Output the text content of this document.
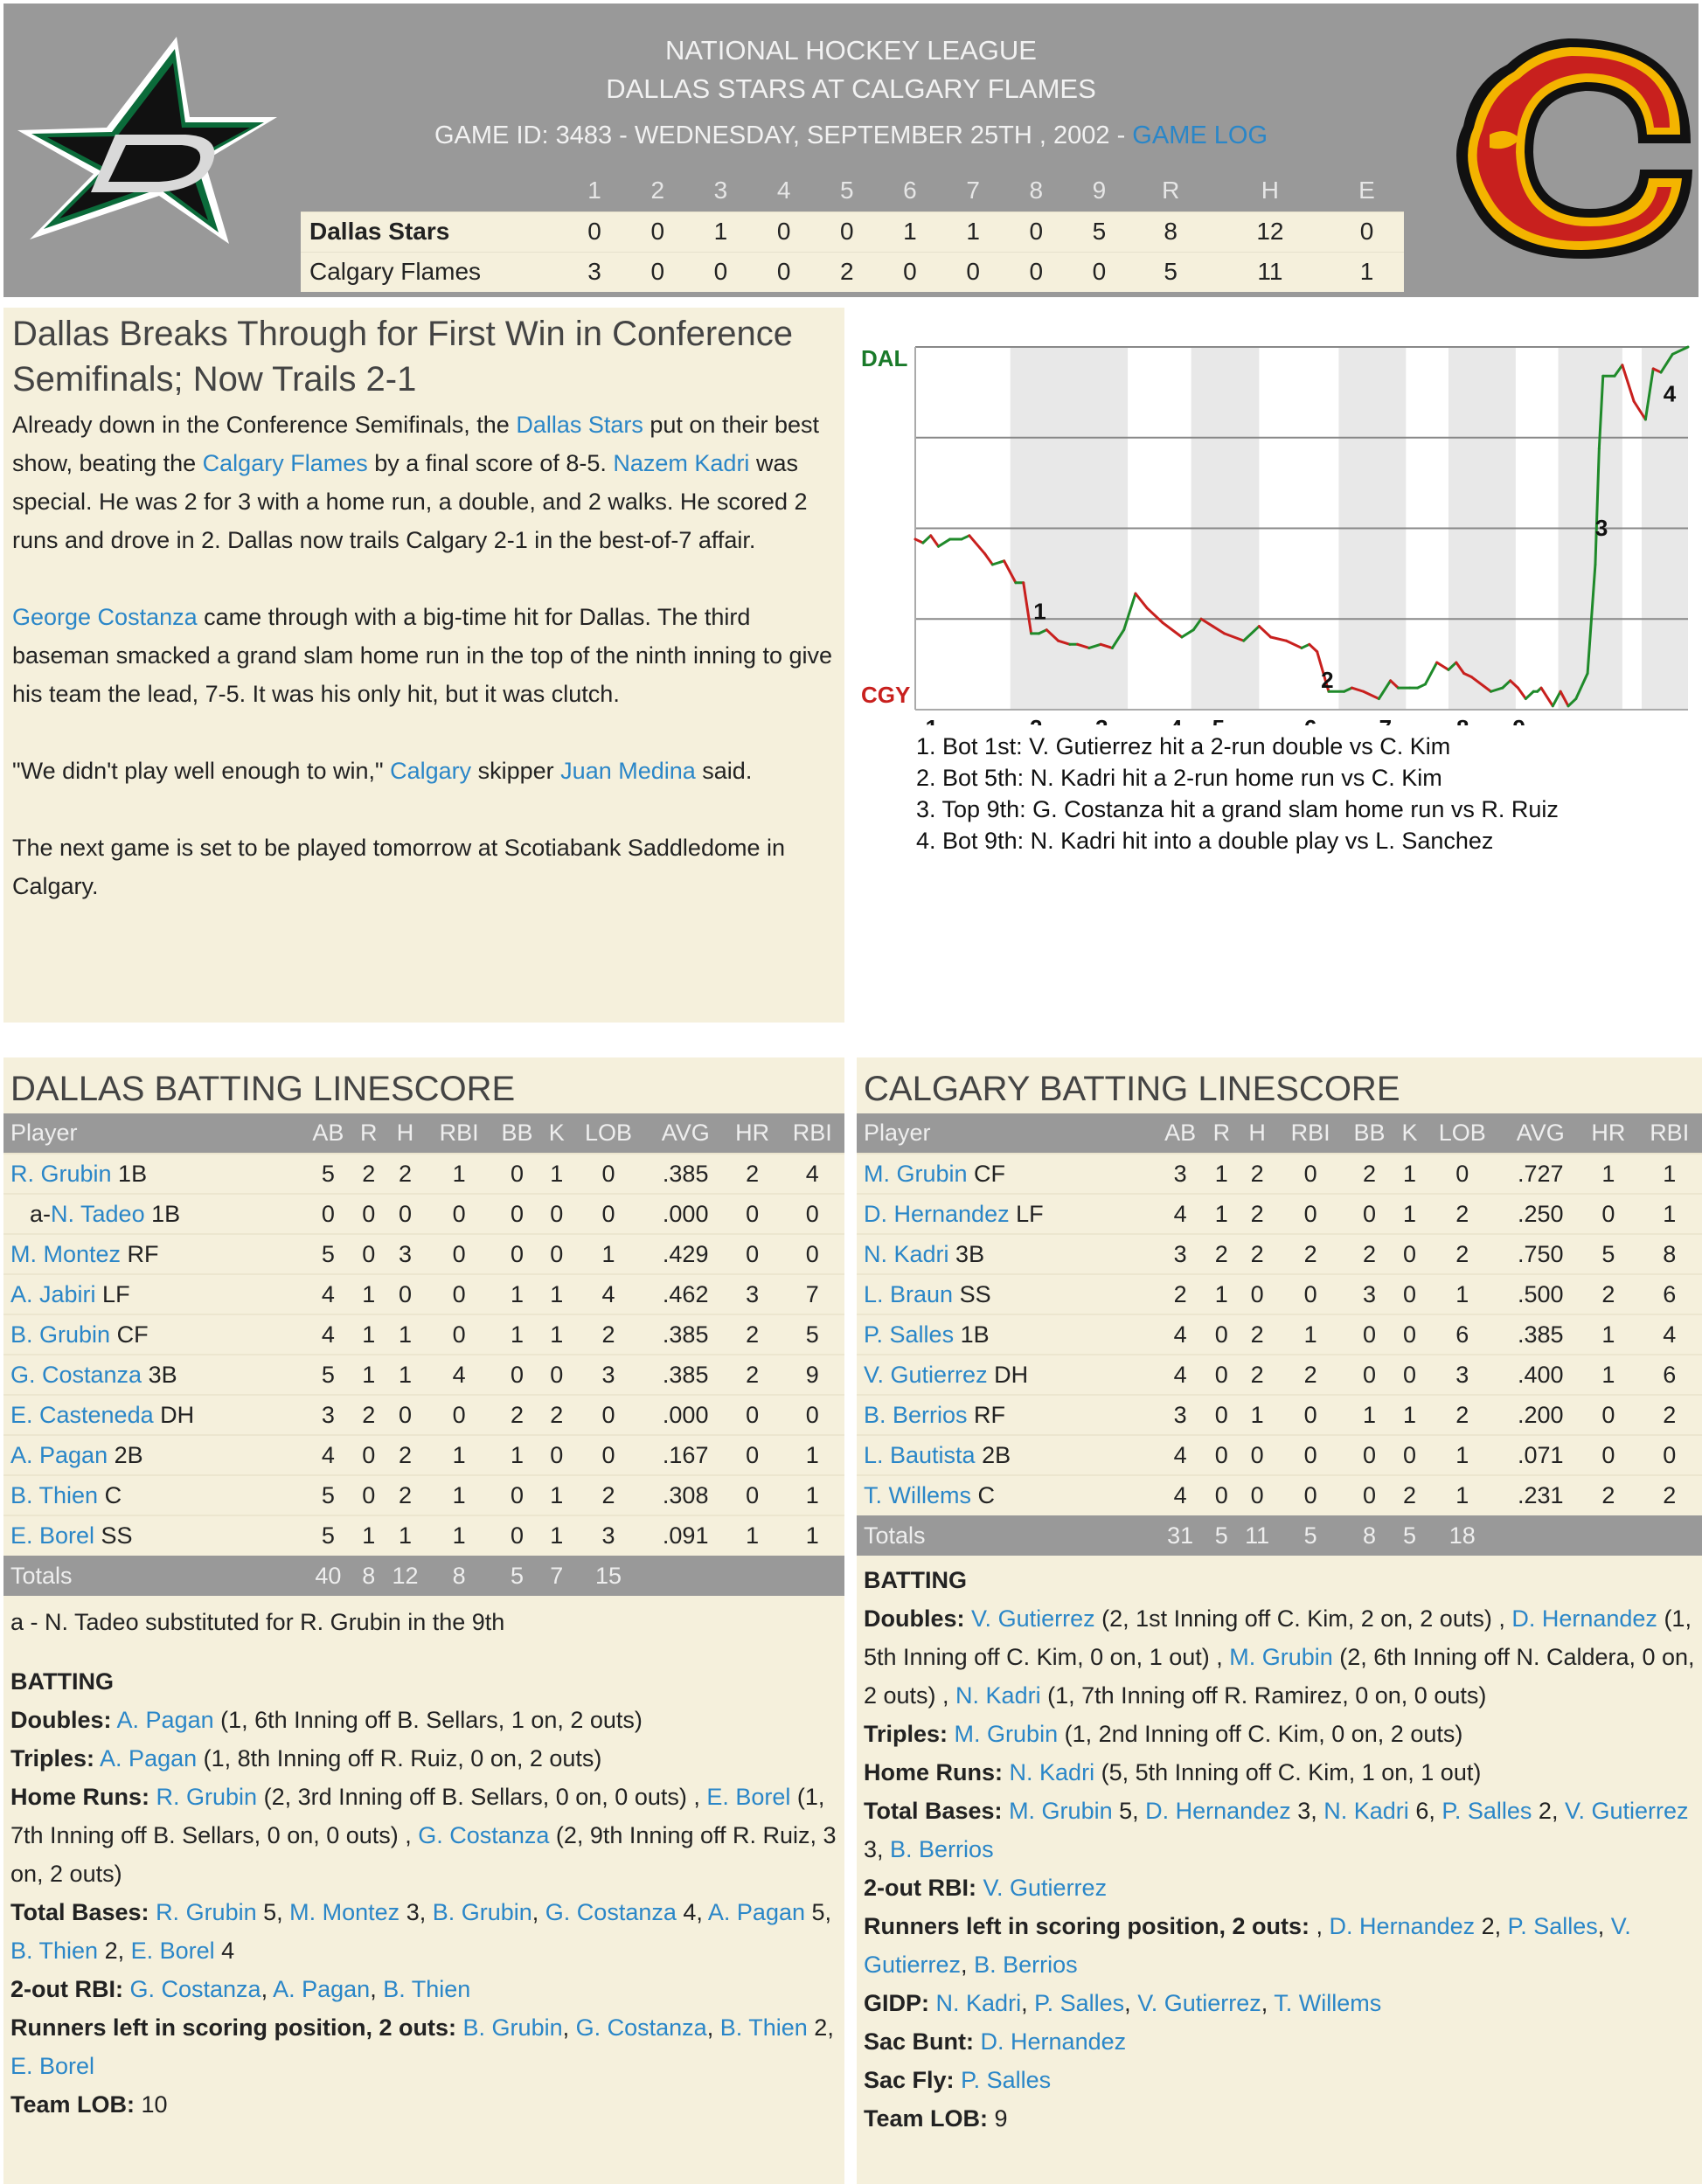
NATIONAL HOCKEY LEAGUE
DALLAS STARS AT CALGARY FLAMES
GAME ID: 3483 - WEDNESDAY, SEPTEMBER 25TH , 2002 - GAME LOG
	1	2	3	4	5	6	7	8	9	R	H	E
Dallas Stars	0	0	1	0	0	1	1	0	5	8	12	0
Calgary Flames	3	0	0	0	2	0	0	0	0	5	11	1
Dallas Breaks Through for First Win in Conference Semifinals; Now Trails 2-1

Already down in the Conference Semifinals, the Dallas Stars put on their best show, beating the Calgary Flames by a final score of 8-5. Nazem Kadri was special. He was 2 for 3 with a home run, a double, and 2 walks. He scored 2 runs and drove in 2. Dallas now trails Calgary 2-1 in the best-of-7 affair.

George Costanza came through with a big-time hit for Dallas. The third baseman smacked a grand slam home run in the top of the ninth inning to give his team the lead, 7-5. It was his only hit, but it was clutch.

"We didn't play well enough to win," Calgary skipper Juan Medina said.

The next game is set to be played tomorrow at Scotiabank Saddledome in Calgary.

DAL
CGY
1
2
3
4
1. Bot 1st: V. Gutierrez hit a 2-run double vs C. Kim
2. Bot 5th: N. Kadri hit a 2-run home run vs C. Kim
3. Top 9th: G. Costanza hit a grand slam home run vs R. Ruiz
4. Bot 9th: N. Kadri hit into a double play vs L. Sanchez
DALLAS BATTING LINESCORE
Player	AB	R	H	RBI	BB	K	LOB	AVG	HR	RBI
R. Grubin 1B	5	2	2	1	0	1	0	.385	2	4
a-N. Tadeo 1B	0	0	0	0	0	0	0	.000	0	0
M. Montez RF	5	0	3	0	0	0	1	.429	0	0
A. Jabiri LF	4	1	0	0	1	1	4	.462	3	7
B. Grubin CF	4	1	1	0	1	1	2	.385	2	5
G. Costanza 3B	5	1	1	4	0	0	3	.385	2	9
E. Casteneda DH	3	2	0	0	2	2	0	.000	0	0
A. Pagan 2B	4	0	2	1	1	0	0	.167	0	1
B. Thien C	5	0	2	1	0	1	2	.308	0	1
E. Borel SS	5	1	1	1	0	1	3	.091	1	1
Totals	40	8	12	8	5	7	15			
a - N. Tadeo substituted for R. Grubin in the 9th
BATTING
Doubles: A. Pagan (1, 6th Inning off B. Sellars, 1 on, 2 outs)
Triples: A. Pagan (1, 8th Inning off R. Ruiz, 0 on, 2 outs)
Home Runs: R. Grubin (2, 3rd Inning off B. Sellars, 0 on, 0 outs) , E. Borel (1, 7th Inning off B. Sellars, 0 on, 0 outs) , G. Costanza (2, 9th Inning off R. Ruiz, 3 on, 2 outs)
Total Bases: R. Grubin 5, M. Montez 3, B. Grubin, G. Costanza 4, A. Pagan 5, B. Thien 2, E. Borel 4
2-out RBI: G. Costanza, A. Pagan, B. Thien
Runners left in scoring position, 2 outs: B. Grubin, G. Costanza, B. Thien 2, E. Borel
Team LOB: 10
CALGARY BATTING LINESCORE
Player	AB	R	H	RBI	BB	K	LOB	AVG	HR	RBI
M. Grubin CF	3	1	2	0	2	1	0	.727	1	1
D. Hernandez LF	4	1	2	0	0	1	2	.250	0	1
N. Kadri 3B	3	2	2	2	2	0	2	.750	5	8
L. Braun SS	2	1	0	0	3	0	1	.500	2	6
P. Salles 1B	4	0	2	1	0	0	6	.385	1	4
V. Gutierrez DH	4	0	2	2	0	0	3	.400	1	6
B. Berrios RF	3	0	1	0	1	1	2	.200	0	2
L. Bautista 2B	4	0	0	0	0	0	1	.071	0	0
T. Willems C	4	0	0	0	0	2	1	.231	2	2
Totals	31	5	11	5	8	5	18			
BATTING
Doubles: V. Gutierrez (2, 1st Inning off C. Kim, 2 on, 2 outs) , D. Hernandez (1, 5th Inning off C. Kim, 0 on, 1 out) , M. Grubin (2, 6th Inning off N. Caldera, 0 on, 2 outs) , N. Kadri (1, 7th Inning off R. Ramirez, 0 on, 0 outs)
Triples: M. Grubin (1, 2nd Inning off C. Kim, 0 on, 2 outs)
Home Runs: N. Kadri (5, 5th Inning off C. Kim, 1 on, 1 out)
Total Bases: M. Grubin 5, D. Hernandez 3, N. Kadri 6, P. Salles 2, V. Gutierrez 3, B. Berrios
2-out RBI: V. Gutierrez
Runners left in scoring position, 2 outs: , D. Hernandez 2, P. Salles, V. Gutierrez, B. Berrios
GIDP: N. Kadri, P. Salles, V. Gutierrez, T. Willems
Sac Bunt: D. Hernandez
Sac Fly: P. Salles
Team LOB: 9
